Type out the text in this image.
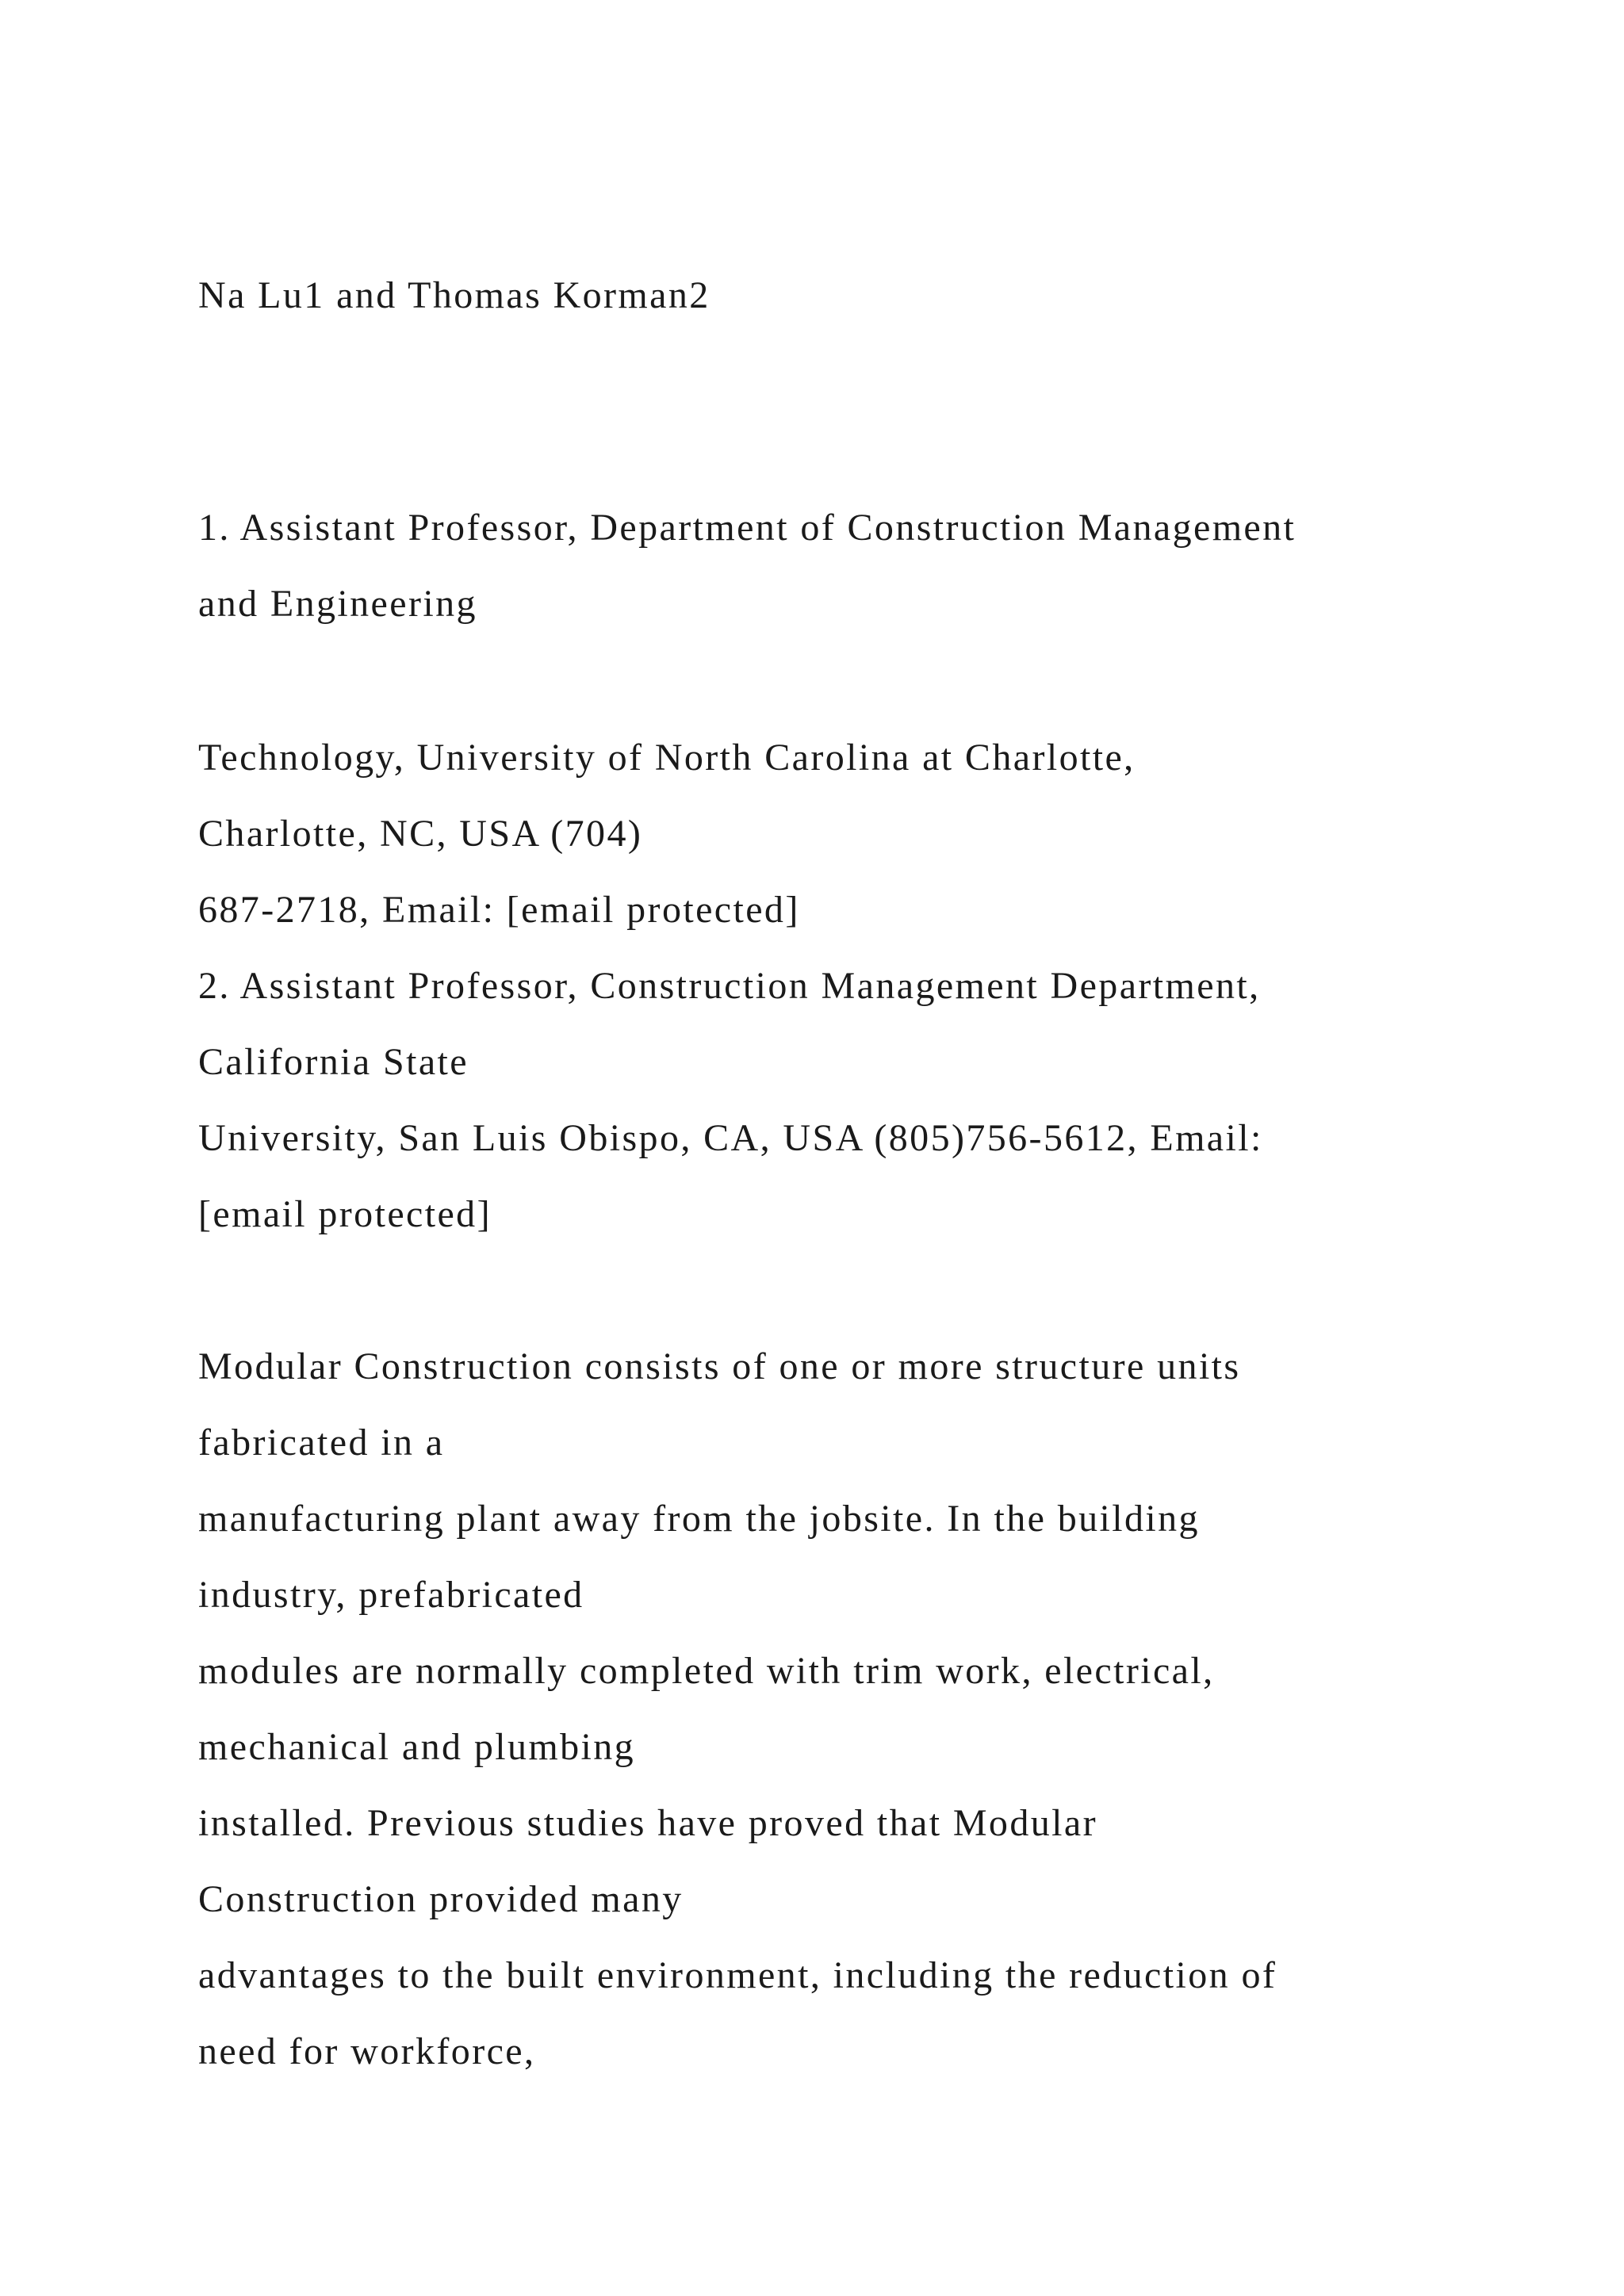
Na Lu1 and Thomas Korman2
1. Assistant Professor, Department of Construction Management
and Engineering
Technology, University of North Carolina at Charlotte,
Charlotte, NC, USA (704)
687-2718, Email: [email protected]
2. Assistant Professor, Construction Management Department,
California State
University, San Luis Obispo, CA, USA (805)756-5612, Email:
[email protected]
Modular Construction consists of one or more structure units
fabricated in a
manufacturing plant away from the jobsite. In the building
industry, prefabricated
modules are normally completed with trim work, electrical,
mechanical and plumbing
installed. Previous studies have proved that Modular
Construction provided many
advantages to the built environment, including the reduction of
need for workforce,
